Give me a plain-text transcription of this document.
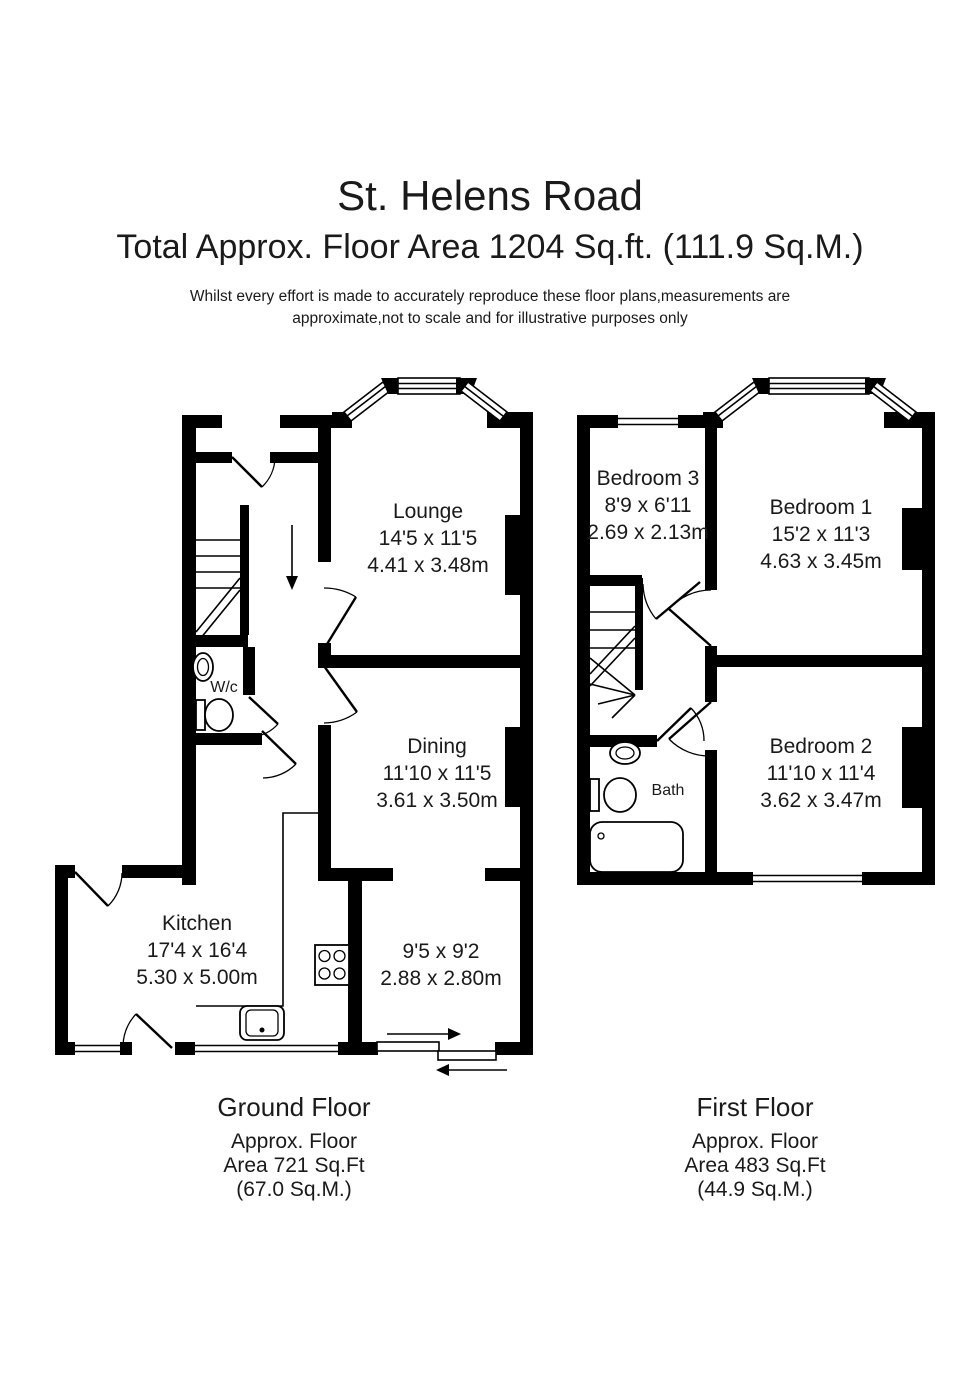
St. Helens Road
Total Approx. Floor Area 1204 Sq.ft. (111.9 Sq.M.)
Whilst every effort is made to accurately reproduce these floor plans,measurements are
approximate,not to scale and for illustrative purposes only
Lounge
14'5 x 11'5
4.41 x 3.48m
Dining
11'10 x 11'5
3.61 x 3.50m
Kitchen
17'4 x 16'4
5.30 x 5.00m
9'5 x 9'2
2.88 x 2.80m
W/c
Bedroom 3
8'9 x 6'11
2.69 x 2.13m
Bedroom 1
15'2 x 11'3
4.63 x 3.45m
Bedroom 2
11'10 x 11'4
3.62 x 3.47m
Bath
Ground Floor
Approx. Floor
Area 721 Sq.Ft
(67.0 Sq.M.)
First Floor
Approx. Floor
Area 483 Sq.Ft
(44.9 Sq.M.)
